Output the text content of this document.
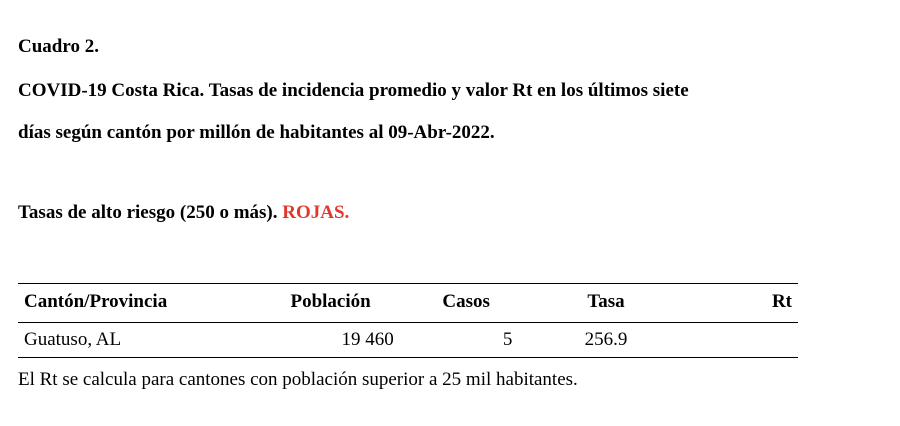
Cuadro 2.
COVID-19 Costa Rica. Tasas de incidencia promedio y valor Rt en los últimos siete
días según cantón por millón de habitantes al 09-Abr-2022.
Tasas de alto riesgo (250 o más). ROJAS.
Cantón/Provincia	Población	Casos	Tasa	Rt
Guatuso, AL	19 460	5	256.9	
El Rt se calcula para cantones con población superior a 25 mil habitantes.
